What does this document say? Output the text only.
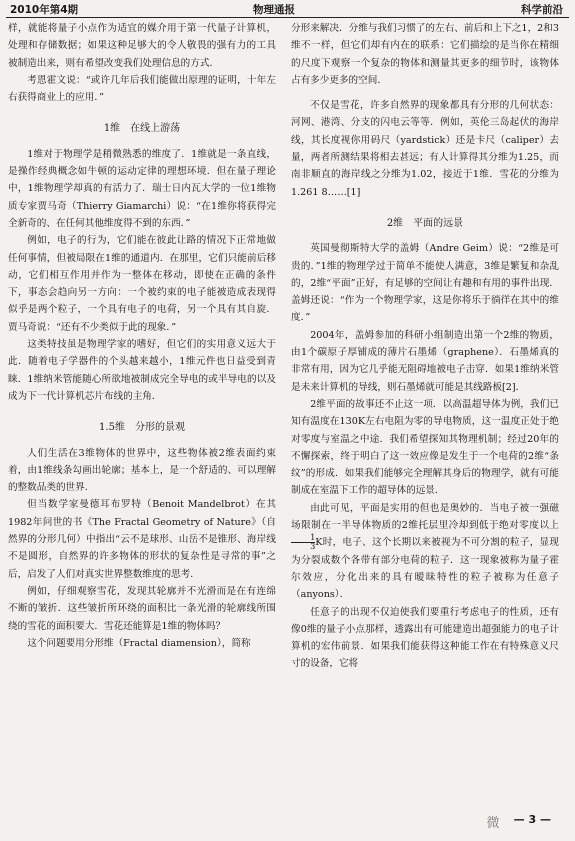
2010年第4期	物理通报	科学前沿

样，就能将量子小点作为适宜的媒介用于第一代量子计算机，处理和存储数据；如果这种足够大的令人敬畏的强有力的工具被制造出来，则有希望改变我们处理信息的方式．

考恩霍文说：“或许几年后我们能做出原理的证明，十年左右获得商业上的应用．”

1维　在线上游荡

1维对于物理学是稍微熟悉的维度了．1维就是一条直线，是操作经典概念如牛顿的运动定律的理想环境．但在量子理论中，1维物理学却真的有活力了．瑞士日内瓦大学的一位1维物质专家贾马奇（Thierry Giamarchi）说：“在1维你将获得完全新奇的、在任何其他维度得不到的东西．”

例如，电子的行为，它们能在彼此让路的情况下正常地做任何事情，但被局限在1维的通道内．在那里，它们只能前后移动，它们相互作用并作为一整体在移动，即使在正确的条件下，事态会趋向另一方向：一个被约束的电子能被造成表现得似乎是两个粒子，一个具有电子的电荷，另一个具有其自旋．贾马奇说：“还有不少类似于此的现象．”

这类特技虽是物理学家的嗜好，但它们的实用意义远大于此．随着电子学器件的个头越来越小，1维元件也日益受到青睐．1维纳米管能随心所欲地被制成完全导电的或半导电的以及成为下一代计算机芯片布线的主角．

1.5维　分形的景观

人们生活在3维物体的世界中，这些物体被2维表面约束着，由1维线条勾画出轮廓；基本上，是一个舒适的、可以理解的整数品类的世界．

但当数学家曼德耳布罗特（Benoit Mandelbrot）在其1982年问世的书《The Fractal Geometry of Nature》（自然界的分形几何）中指出“云不是球形、山岳不是锥形、海岸线不是圆形，自然界的许多物体的形状的复杂性是寻常的事”之后，启发了人们对真实世界整数维度的思考．

例如，仔细观察雪花，发现其轮廓并不光滑而是在有连绵不断的皱折．这些皱折所环绕的面积比一条光滑的轮廓线所围绕的雪花的面积要大．雪花还能算是1维的物体吗？

这个问题要用分形维（Fractal diamension），简称

分形来解决．分维与我们习惯了的左右、前后和上下之1，2和3维不一样，但它们却有内在的联系：它们描绘的是当你在精细的尺度下观察一个复杂的物体和测量其更多的细节时，该物体占有多少更多的空间．

不仅是雪花，许多自然界的现象都具有分形的几何状态：河网、港湾、分支的闪电云等等．例如，英伦三岛起伏的海岸线，其长度视你用码尺（yardstick）还是卡尺（caliper）去量，两者所测结果将相去甚远；有人计算得其分维为1.25，而南非顺直的海岸线之分维为1.02，接近于1维．雪花的分维为1.261 8……[1]

2维　平面的远景

英国曼彻斯特大学的盖姆（Andre Geim）说：“2维是可贵的．”1维的物理学过于简单不能使人满意，3维是繁复和杂乱的，2维“平面”正好，有足够的空间让有趣和有用的事件出现．盖姆还说：“作为一个物理学家，这是你将乐于徜徉在其中的维度．”

2004年，盖姆参加的科研小组制造出第一个2维的物质，由1个碳原子厚铺成的薄片石墨烯（graphene）．石墨烯真的非常有用，因为它几乎能无阻碍地被电子击穿．如果1维纳米管是未来计算机的导线，则石墨烯就可能是其线路板[2]．

2维平面的故事还不止这一项．以高温超导体为例，我们已知有温度在130K左右电阻为零的导电物质，这一温度正处于绝对零度与室温之中途．我们希望探知其物理机制；经过20年的不懈探索，终于明白了这一效应像是发生于一个电荷的2维“条纹”的形成．如果我们能够完全理解其身后的物理学，就有可能制成在室温下工作的超导体的远景．

由此可见，平面是实用的但也是奥妙的．当电子被一强磁场限制在一半导体物质的2维托层里冷却到低于绝对零度以上
$\frac{1}{3}$ K时，电子、这个长期以来被视为不可分割的粒子，显现为分裂成数个各带有部分电荷的粒子．这一现象被称为量子霍尔效应，分化出来的具有暧昧特性的粒子被称为任意子（anyons）．

任意子的出现不仅迫使我们要重行考虑电子的性质，还有像0维的量子小点那样，透露出有可能建造出超强能力的电子计算机的宏伟前景．如果我们能获得这种能工作在有特殊意义尺寸的设备，它将

微	— 3 —
